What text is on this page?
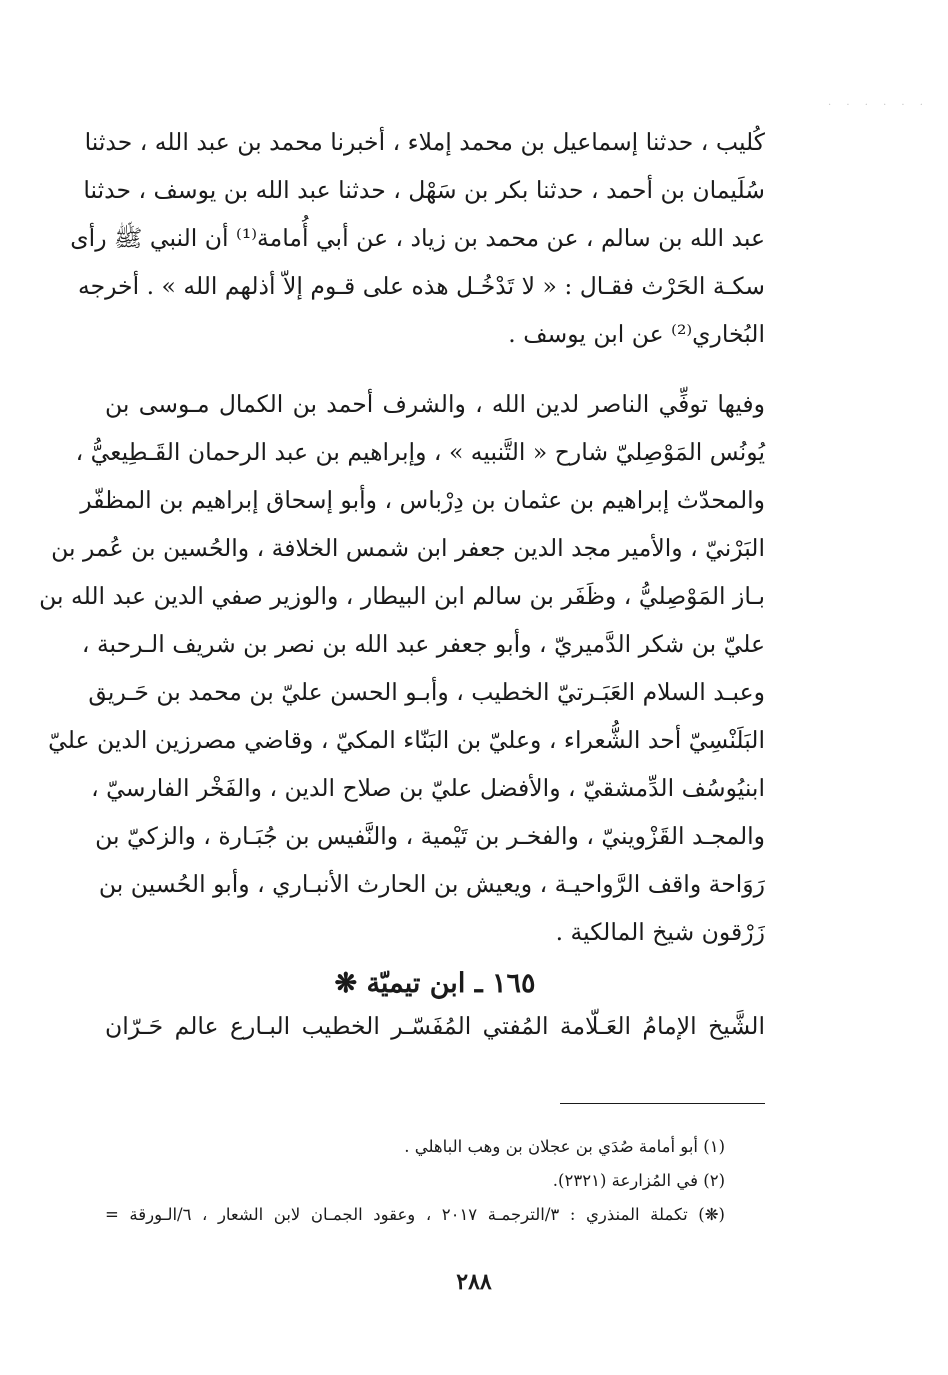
· · · · · ·
كُليب ، حدثنا إسماعيل بن محمد إملاء ، أخبرنا محمد بن عبد الله ، حدثنا
سُلَيمان بن أحمد ، حدثنا بكر بن سَهْل ، حدثنا عبد الله بن يوسف ، حدثنا
عبد الله بن سالم ، عن محمد بن زياد ، عن أبي أُمامة⁽¹⁾ أن النبي ﷺ رأى
سكـة الحَرْث فقـال : « لا تَدْخُـل هذه على قـوم إلاّ أذلهم الله » . أخرجه
البُخاري⁽²⁾ عن ابن يوسف .
وفيها توفِّي الناصر لدين الله ، والشرف أحمد بن الكمال مـوسى بن
يُونُس المَوْصِليّ شارح « التَّنبيه » ، وإبراهيم بن عبد الرحمان القَـطِيعيُّ ،
والمحدّث إبراهيم بن عثمان بن دِرْباس ، وأبو إسحاق إبراهيم بن المظفّر
البَرْنيّ ، والأمير مجد الدين جعفر ابن شمس الخلافة ، والحُسين بن عُمر بن
بـاز المَوْصِليُّ ، وظَفَر بن سالم ابن البيطار ، والوزير صفي الدين عبد الله بن
عليّ بن شكر الدَّميريّ ، وأبو جعفر عبد الله بن نصر بن شريف الـرحبة ،
وعبـد السلام العَبَـرتيّ الخطيب ، وأبـو الحسن عليّ بن محمد بن حَـريق
البَلَنْسِيّ أحد الشُّعراء ، وعليّ بن البَنّاء المكيّ ، وقاضي مصرزين الدين عليّ
ابنيُوسُف الدِّمشقيّ ، والأفضل عليّ بن صلاح الدين ، والفَخْر الفارسيّ ،
والمجـد القَزْوينيّ ، والفخـر بن تَيْمية ، والنَّفيس بن جُبَـارة ، والزكيّ بن
رَوَاحة واقف الرَّواحيـة ، ويعيش بن الحارث الأنبـاري ، وأبو الحُسين بن
زَرْقون شيخ المالكية .
١٦٥ ـ ابن تيميّة ❋
الشَّيخ الإمامُ العَـلّامة المُفتي المُفَسّـر الخطيب البـارع عالم حَـرّان
(١) أبو أمامة صُدَي بن عجلان بن وهب الباهلي .
(٢) في المُزارعة (٢٣٢١).
(❋) تكملة المنذري : ٣/الترجمـة ٢٠١٧ ، وعقود الجمـان لابن الشعار ، ٦/الـورقة =
٢٨٨
